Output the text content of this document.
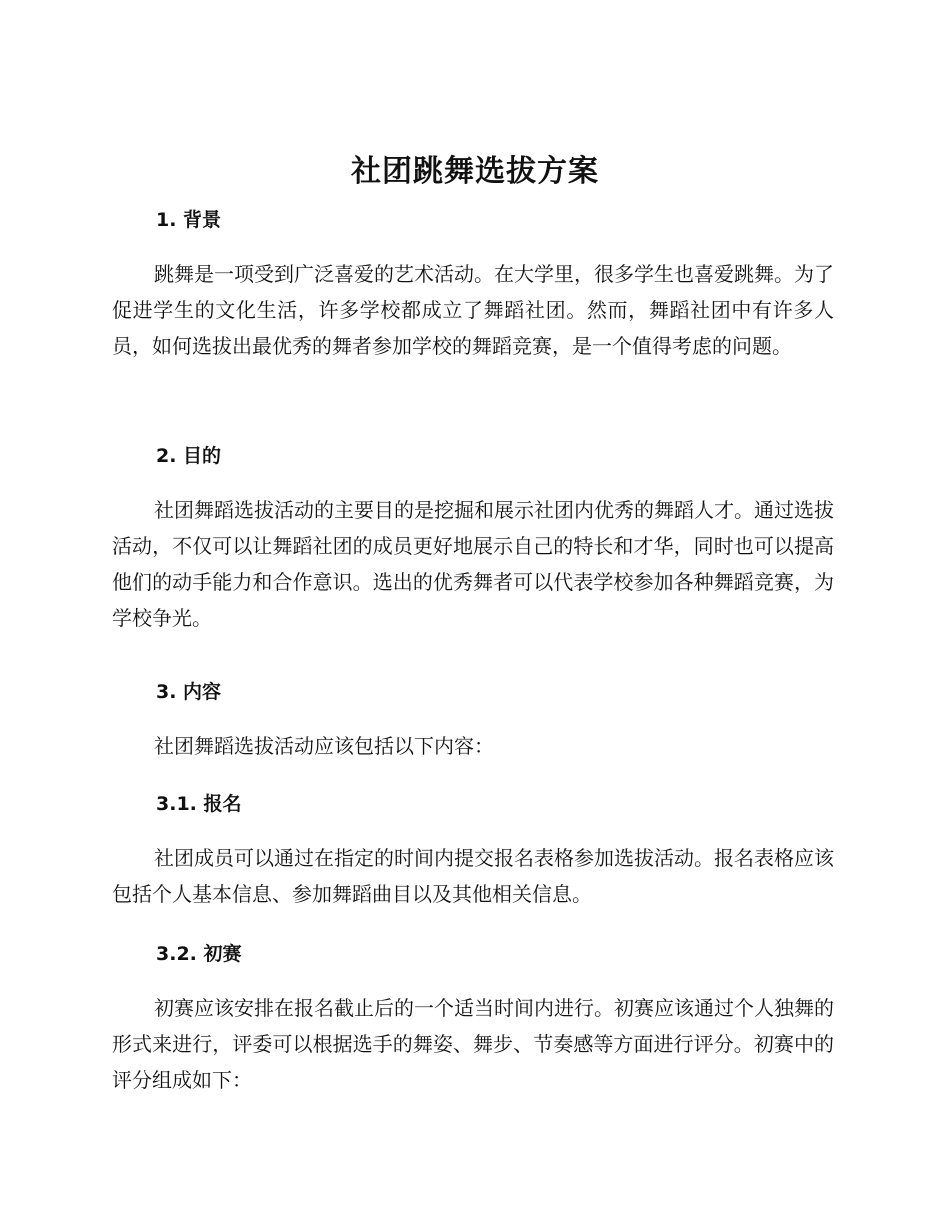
社团跳舞选拔方案
1. 背景

跳舞是一项受到广泛喜爱的艺术活动。在大学里，很多学生也喜爱跳舞。为了促进学生的文化生活，许多学校都成立了舞蹈社团。然而，舞蹈社团中有许多人员，如何选拔出最优秀的舞者参加学校的舞蹈竞赛，是一个值得考虑的问题。

2. 目的

社团舞蹈选拔活动的主要目的是挖掘和展示社团内优秀的舞蹈人才。通过选拔活动，不仅可以让舞蹈社团的成员更好地展示自己的特长和才华，同时也可以提高他们的动手能力和合作意识。选出的优秀舞者可以代表学校参加各种舞蹈竞赛，为学校争光。

3. 内容

社团舞蹈选拔活动应该包括以下内容：

3.1. 报名

社团成员可以通过在指定的时间内提交报名表格参加选拔活动。报名表格应该包括个人基本信息、参加舞蹈曲目以及其他相关信息。

3.2. 初赛

初赛应该安排在报名截止后的一个适当时间内进行。初赛应该通过个人独舞的形式来进行，评委可以根据选手的舞姿、舞步、节奏感等方面进行评分。初赛中的评分组成如下：
